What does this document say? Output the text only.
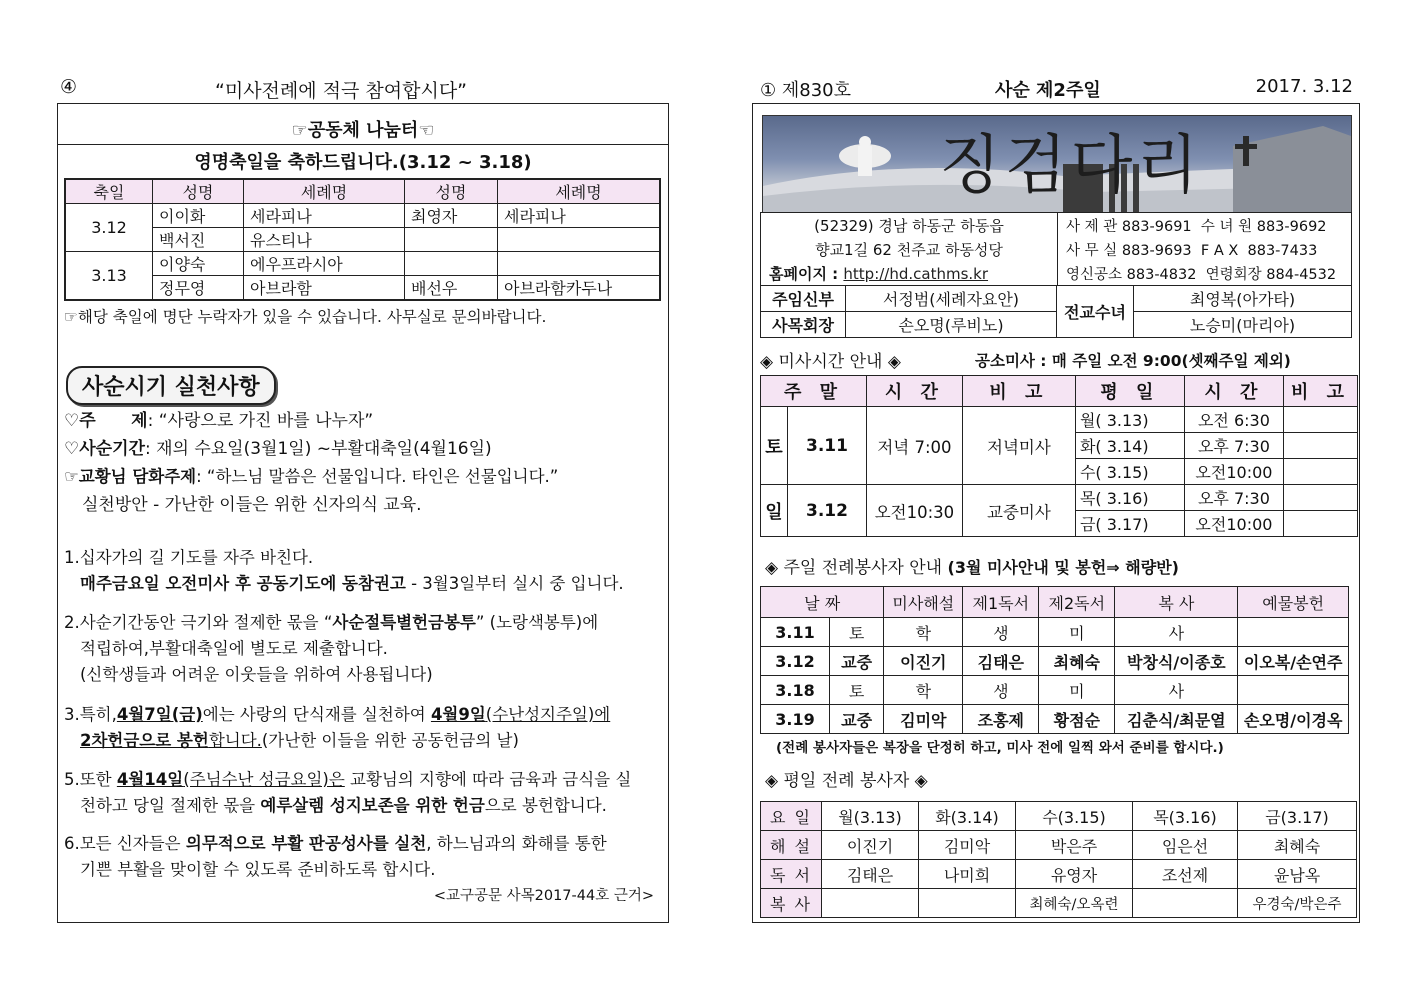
④	“미사전례에 적극 참여합시다”
☞공동체 나눔터☜
영명축일을 축하드립니다.(3.12 ~ 3.18)
축일	성명	세례명	성명	세례명
3.12	이이화	세라피나	최영자	세라피나
	백서진	유스티나		
3.13	이양숙	에우프라시아		
	정무영	아브라함	배선우	아브라함카두나
☞해당 축일에 명단 누락자가 있을 수 있습니다. 사무실로 문의바랍니다.
사순시기 실천사항
♡주      제: “사랑으로 가진 바를 나누자”
♡사순기간: 재의 수요일(3월1일) ~부활대축일(4월16일)
☞교황님 담화주제: “하느님 말씀은 선물입니다. 타인은 선물입니다.”
실천방안 - 가난한 이들은 위한 신자의식 교육.
1.십자가의 길 기도를 자주 바친다.
매주금요일 오전미사 후 공동기도에 동참권고 - 3월3일부터 실시 중 입니다.
2.사순기간동안 극기와 절제한 몫을 “사순절특별헌금봉투” (노랑색봉투)에
적립하여,부활대축일에 별도로 제출합니다.
(신학생들과 어려운 이웃들을 위하여 사용됩니다)
3.특히,4월7일(금)에는 사랑의 단식재를 실천하여 4월9일(수난성지주일)에
2차헌금으로 봉헌합니다.(가난한 이들을 위한 공동헌금의 날)
5.또한 4월14일(주님수난 성금요일)은 교황님의 지향에 따라 금육과 금식을 실
천하고 당일 절제한 몫을 예루살렘 성지보존을 위한 헌금으로 봉헌합니다.
6.모든 신자들은 의무적으로 부활 판공성사를 실천, 하느님과의 화해를 통한
기쁜 부활을 맞이할 수 있도록 준비하도록 합시다.
<교구공문 사목2017-44호 근거>
① 제830호	사순 제2주일	2017. 3.12
징검다리
(52329) 경남 하동군 하동읍
향교1길 62 천주교 하동성당
홈페이지 : http://hd.cathms.kr
사 제 관 883-9691  수 녀 원 883-9692
사 무 실 883-9693  F A X  883-7433
영신공소 883-4832  연령회장 884-4532
주임신부	서정범(세례자요안)	전교수녀	최영복(아가타)
사목회장	손오명(루비노)		노승미(마리아)
◈ 미사시간 안내 ◈	공소미사 : 매 주일 오전 9:00(셋째주일 제외)
주 말		시 간	비 고	평 일	시 간	비 고
토	3.11	저녁 7:00	저녁미사	월( 3.13)	오전 6:30	
				화( 3.14)	오후 7:30	
				수( 3.15)	오전10:00	
일	3.12	오전10:30	교중미사	목( 3.16)	오후 7:30	
				금( 3.17)	오전10:00	
◈ 주일 전례봉사자 안내 (3월 미사안내 및 봉헌⇒ 해량반)
날 짜		미사해설	제1독서	제2독서	복 사	예물봉헌
3.11	토	학	생	미	사	
3.12	교중	이진기	김태은	최혜숙	박창식/이종호	이오복/손연주
3.18	토	학	생	미	사	
3.19	교중	김미악	조홍제	황점순	김춘식/최문열	손오명/이경옥
(전례 봉사자들은 복장을 단정히 하고, 미사 전에 일찍 와서 준비를 합시다.)
◈ 평일 전례 봉사자 ◈
요 일	월(3.13)	화(3.14)	수(3.15)	목(3.16)	금(3.17)
해 설	이진기	김미악	박은주	임은선	최혜숙
독 서	김태은	나미희	유영자	조선제	윤남옥
복 사			최혜숙/오옥련		우경숙/박은주
